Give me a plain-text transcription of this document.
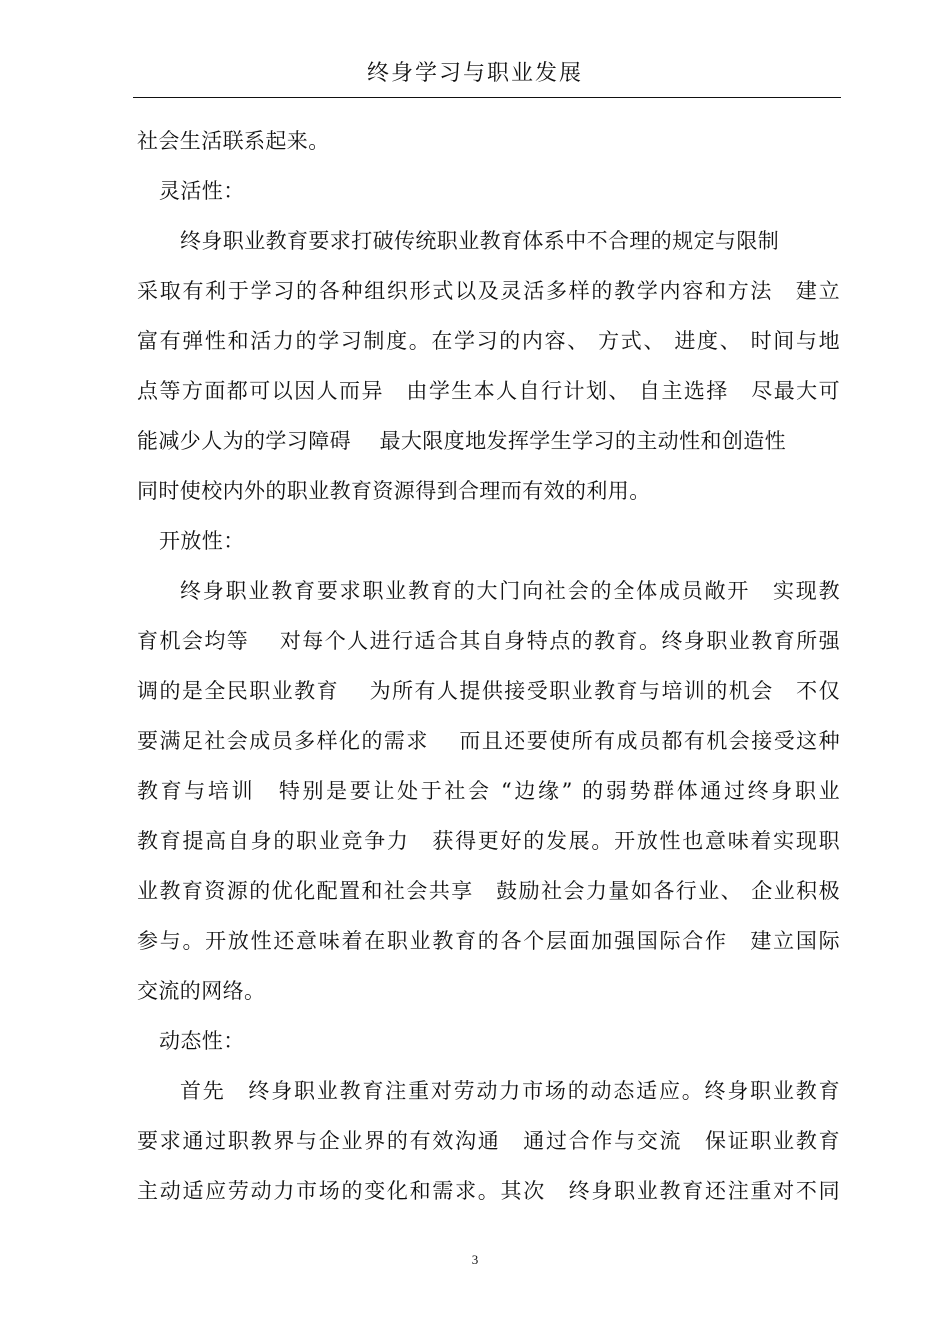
终身学习与职业发展
社会生活联系起来。
灵活性：
终身职业教育要求打破传统职业教育体系中不合理的规定与限制
采取有利于学习的各种组织形式以及灵活多样的教学内容和方法　建立
富有弹性和活力的学习制度。在学习的内容、 方式、 进度、 时间与地
点等方面都可以因人而异　由学生本人自行计划、 自主选择　尽最大可
能减少人为的学习障碍　 最大限度地发挥学生学习的主动性和创造性
同时使校内外的职业教育资源得到合理而有效的利用。
开放性：
终身职业教育要求职业教育的大门向社会的全体成员敞开　实现教
育机会均等　 对每个人进行适合其自身特点的教育。终身职业教育所强
调的是全民职业教育　 为所有人提供接受职业教育与培训的机会　不仅
要满足社会成员多样化的需求　 而且还要使所有成员都有机会接受这种
教育与培训　特别是要让处于社会 “边缘” 的弱势群体通过终身职业
教育提高自身的职业竞争力　获得更好的发展。开放性也意味着实现职
业教育资源的优化配置和社会共享　鼓励社会力量如各行业、 企业积极
参与。开放性还意味着在职业教育的各个层面加强国际合作　建立国际
交流的网络。
动态性：
首先　终身职业教育注重对劳动力市场的动态适应。终身职业教育
要求通过职教界与企业界的有效沟通　通过合作与交流　保证职业教育
主动适应劳动力市场的变化和需求。其次　终身职业教育还注重对不同
3
